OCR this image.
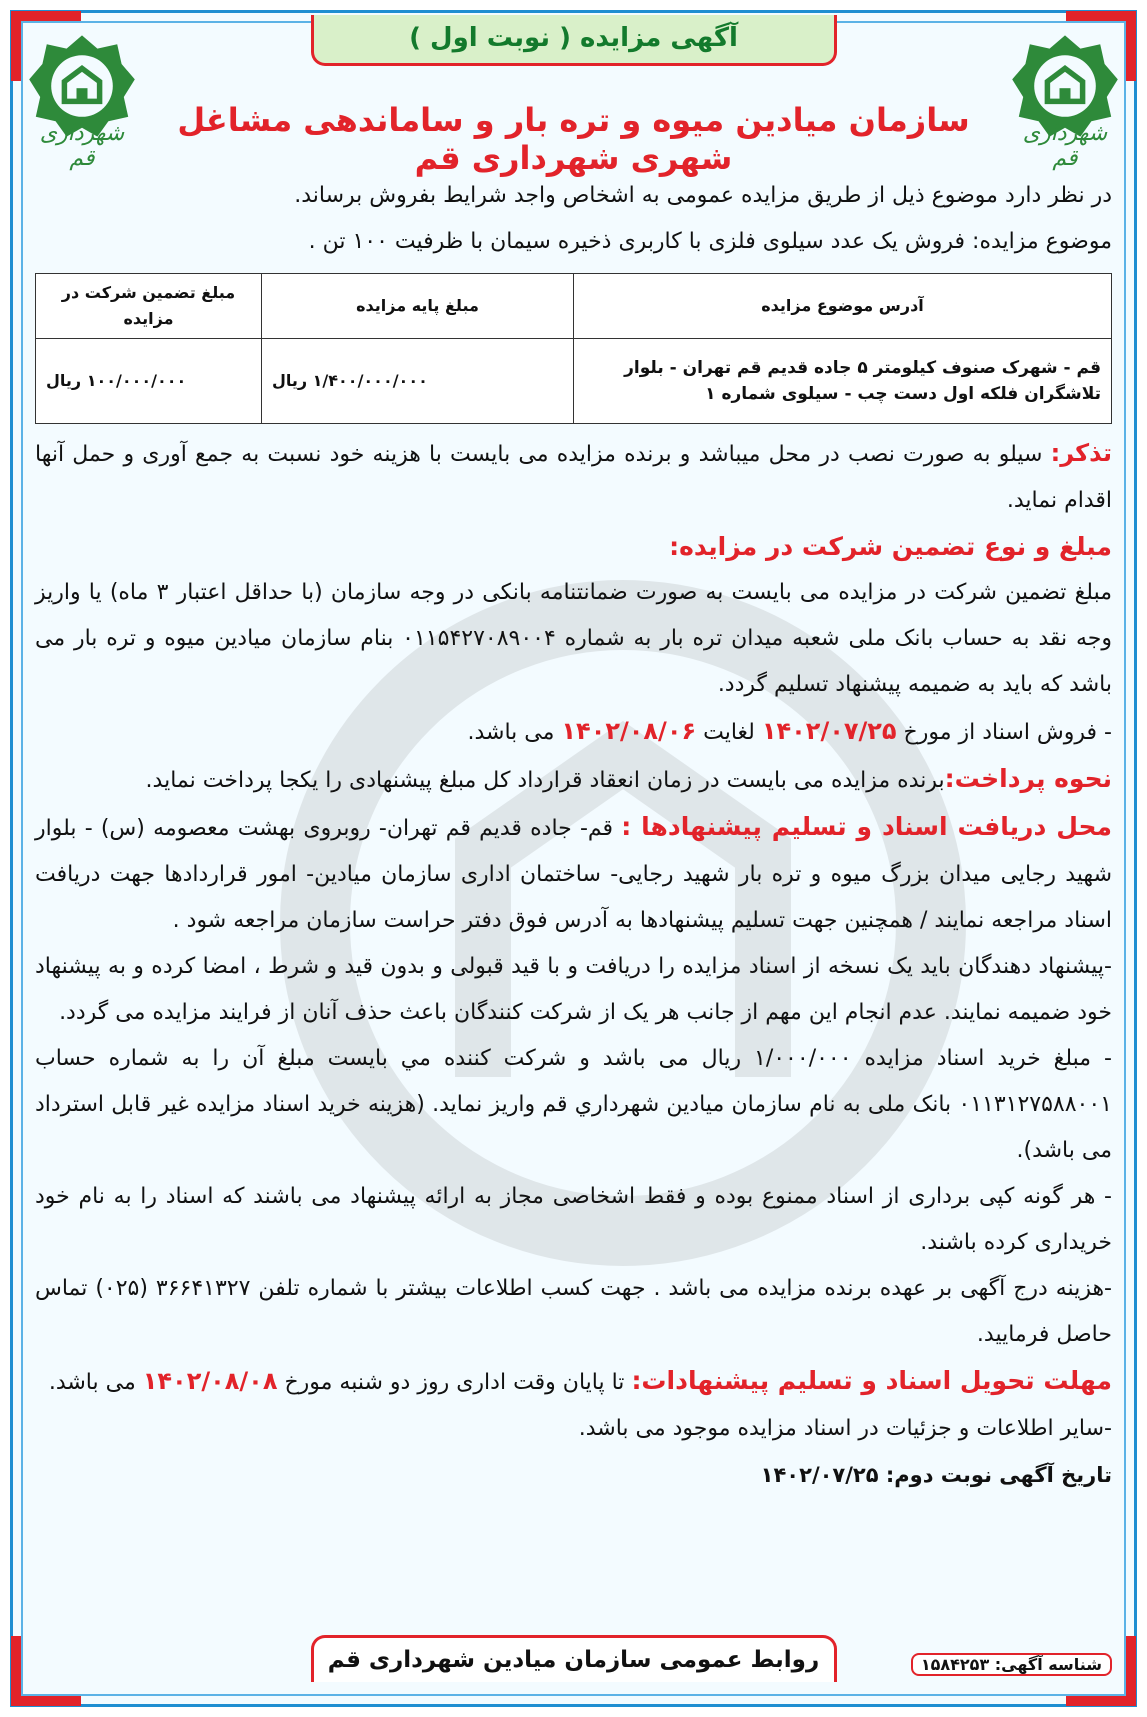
شهرداری قم
شهرداری قم
آگهی مزایده ( نوبت اول )
سازمان میادین میوه و تره بار و ساماندهی مشاغل شهری شهرداری قم

در نظر دارد موضوع ذیل از طریق مزایده عمومی به اشخاص واجد شرایط بفروش برساند.

موضوع مزایده: فروش یک عدد سیلوی فلزی با کاربری ذخیره سیمان با ظرفیت ۱۰۰ تن .

آدرس موضوع مزایده	مبلغ پایه مزایده	مبلغ تضمین شرکت در مزایده
قم - شهرک صنوف کیلومتر ۵ جاده قدیم قم تهران - بلوار تلاشگران فلکه اول دست چب - سیلوی شماره ۱	۱/۴۰۰/۰۰۰/۰۰۰ ریال	۱۰۰/۰۰۰/۰۰۰ ریال

تذکر: سیلو به صورت نصب در محل میباشد و برنده مزایده می بایست با هزینه خود نسبت به جمع آوری و حمل آنها اقدام نماید.

مبلغ و نوع تضمین شرکت در مزایده:

مبلغ تضمین شرکت در مزایده می بایست به صورت ضمانتنامه بانکی در وجه سازمان (با حداقل اعتبار ۳ ماه) یا واریز وجه نقد به حساب بانک ملی شعبه میدان تره بار به شماره ۰۱۱۵۴۲۷۰۸۹۰۰۴ بنام سازمان میادین میوه و تره بار می باشد که باید به ضمیمه پیشنهاد تسلیم گردد.

- فروش اسناد از مورخ ۱۴۰۲/۰۷/۲۵ لغایت ۱۴۰۲/۰۸/۰۶ می باشد.

نحوه پرداخت:برنده مزایده می بایست در زمان انعقاد قرارداد کل مبلغ پیشنهادی را یکجا پرداخت نماید.

محل دریافت اسناد و تسلیم پیشنهادها : قم- جاده قدیم قم تهران- روبروی بهشت معصومه (س) - بلوار شهید رجایی میدان بزرگ میوه و تره بار شهید رجایی- ساختمان اداری سازمان میادین- امور قراردادها جهت دریافت اسناد مراجعه نمایند / همچنین جهت تسلیم پیشنهادها به آدرس فوق دفتر حراست سازمان مراجعه شود .

-پیشنهاد دهندگان باید یک نسخه از اسناد مزایده را دریافت و با قید قبولی و بدون قید و شرط ، امضا کرده و به پیشنهاد خود ضمیمه نمایند. عدم انجام این مهم از جانب هر یک از شرکت کنندگان باعث حذف آنان از فرایند مزایده می گردد.

- مبلغ خرید اسناد مزایده ۱/۰۰۰/۰۰۰ ریال می باشد و شرکت کننده مي بایست مبلغ آن را به شماره حساب ۰۱۱۳۱۲۷۵۸۸۰۰۱ بانک ملی به نام سازمان میادین شهرداري قم واریز نماید. (هزینه خرید اسناد مزایده غیر قابل استرداد می باشد).

- هر گونه کپی برداری از اسناد ممنوع بوده و فقط اشخاصی مجاز به ارائه پیشنهاد می باشند که اسناد را به نام خود خریداری کرده باشند.

-هزینه درج آگهی بر عهده برنده مزایده می باشد . جهت کسب اطلاعات بیشتر با شماره تلفن ۳۶۶۴۱۳۲۷ (۰۲۵) تماس حاصل فرمایید.

مهلت تحویل اسناد و تسلیم پیشنهادات: تا پایان وقت اداری روز دو شنبه مورخ ۱۴۰۲/۰۸/۰۸ می باشد.

-سایر اطلاعات و جزئیات در اسناد مزایده موجود می باشد.

تاریخ آگهی نوبت دوم: ۱۴۰۲/۰۷/۲۵

روابط عمومی سازمان میادین شهرداری قم	شناسه آگهی: ۱۵۸۴۲۵۳
